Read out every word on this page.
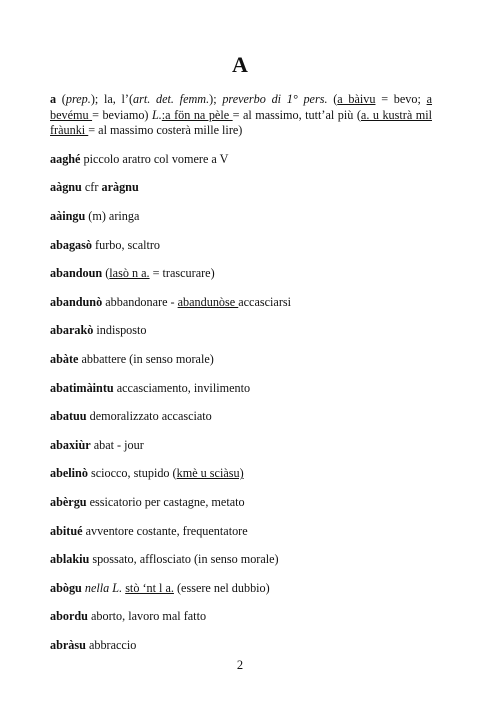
A
a (prep.); la, l’(art. det. femm.); preverbo di 1° pers. (a bàivu = bevo; a bevému = beviamo) L.:a fön na pèle = al massimo, tutt’al più (a. u kustrà mil fràunki = al massimo costerà mille lire)
aaghé piccolo aratro col vomere a V
aàgnu cfr aràgnu
aàingu (m) aringa
abagasò furbo, scaltro
abandoun (lasò n a. = trascurare)
abandunò abbandonare - abandunòse accasciarsi
abarakò indisposto
abàte abbattere (in senso morale)
abatimàintu accasciamento, invilimento
abatuu demoralizzato accasciato
abaxiùr abat - jour
abelinò sciocco, stupido (kmè u sciàsu)
abèrgu essicatorio per castagne, metato
abitué avventore costante, frequentatore
ablakiu spossato, afflosciato (in senso morale)
abògu nella L. stò ‘nt l a. (essere nel dubbio)
abordu aborto, lavoro mal fatto
abràsu abbraccio
2
